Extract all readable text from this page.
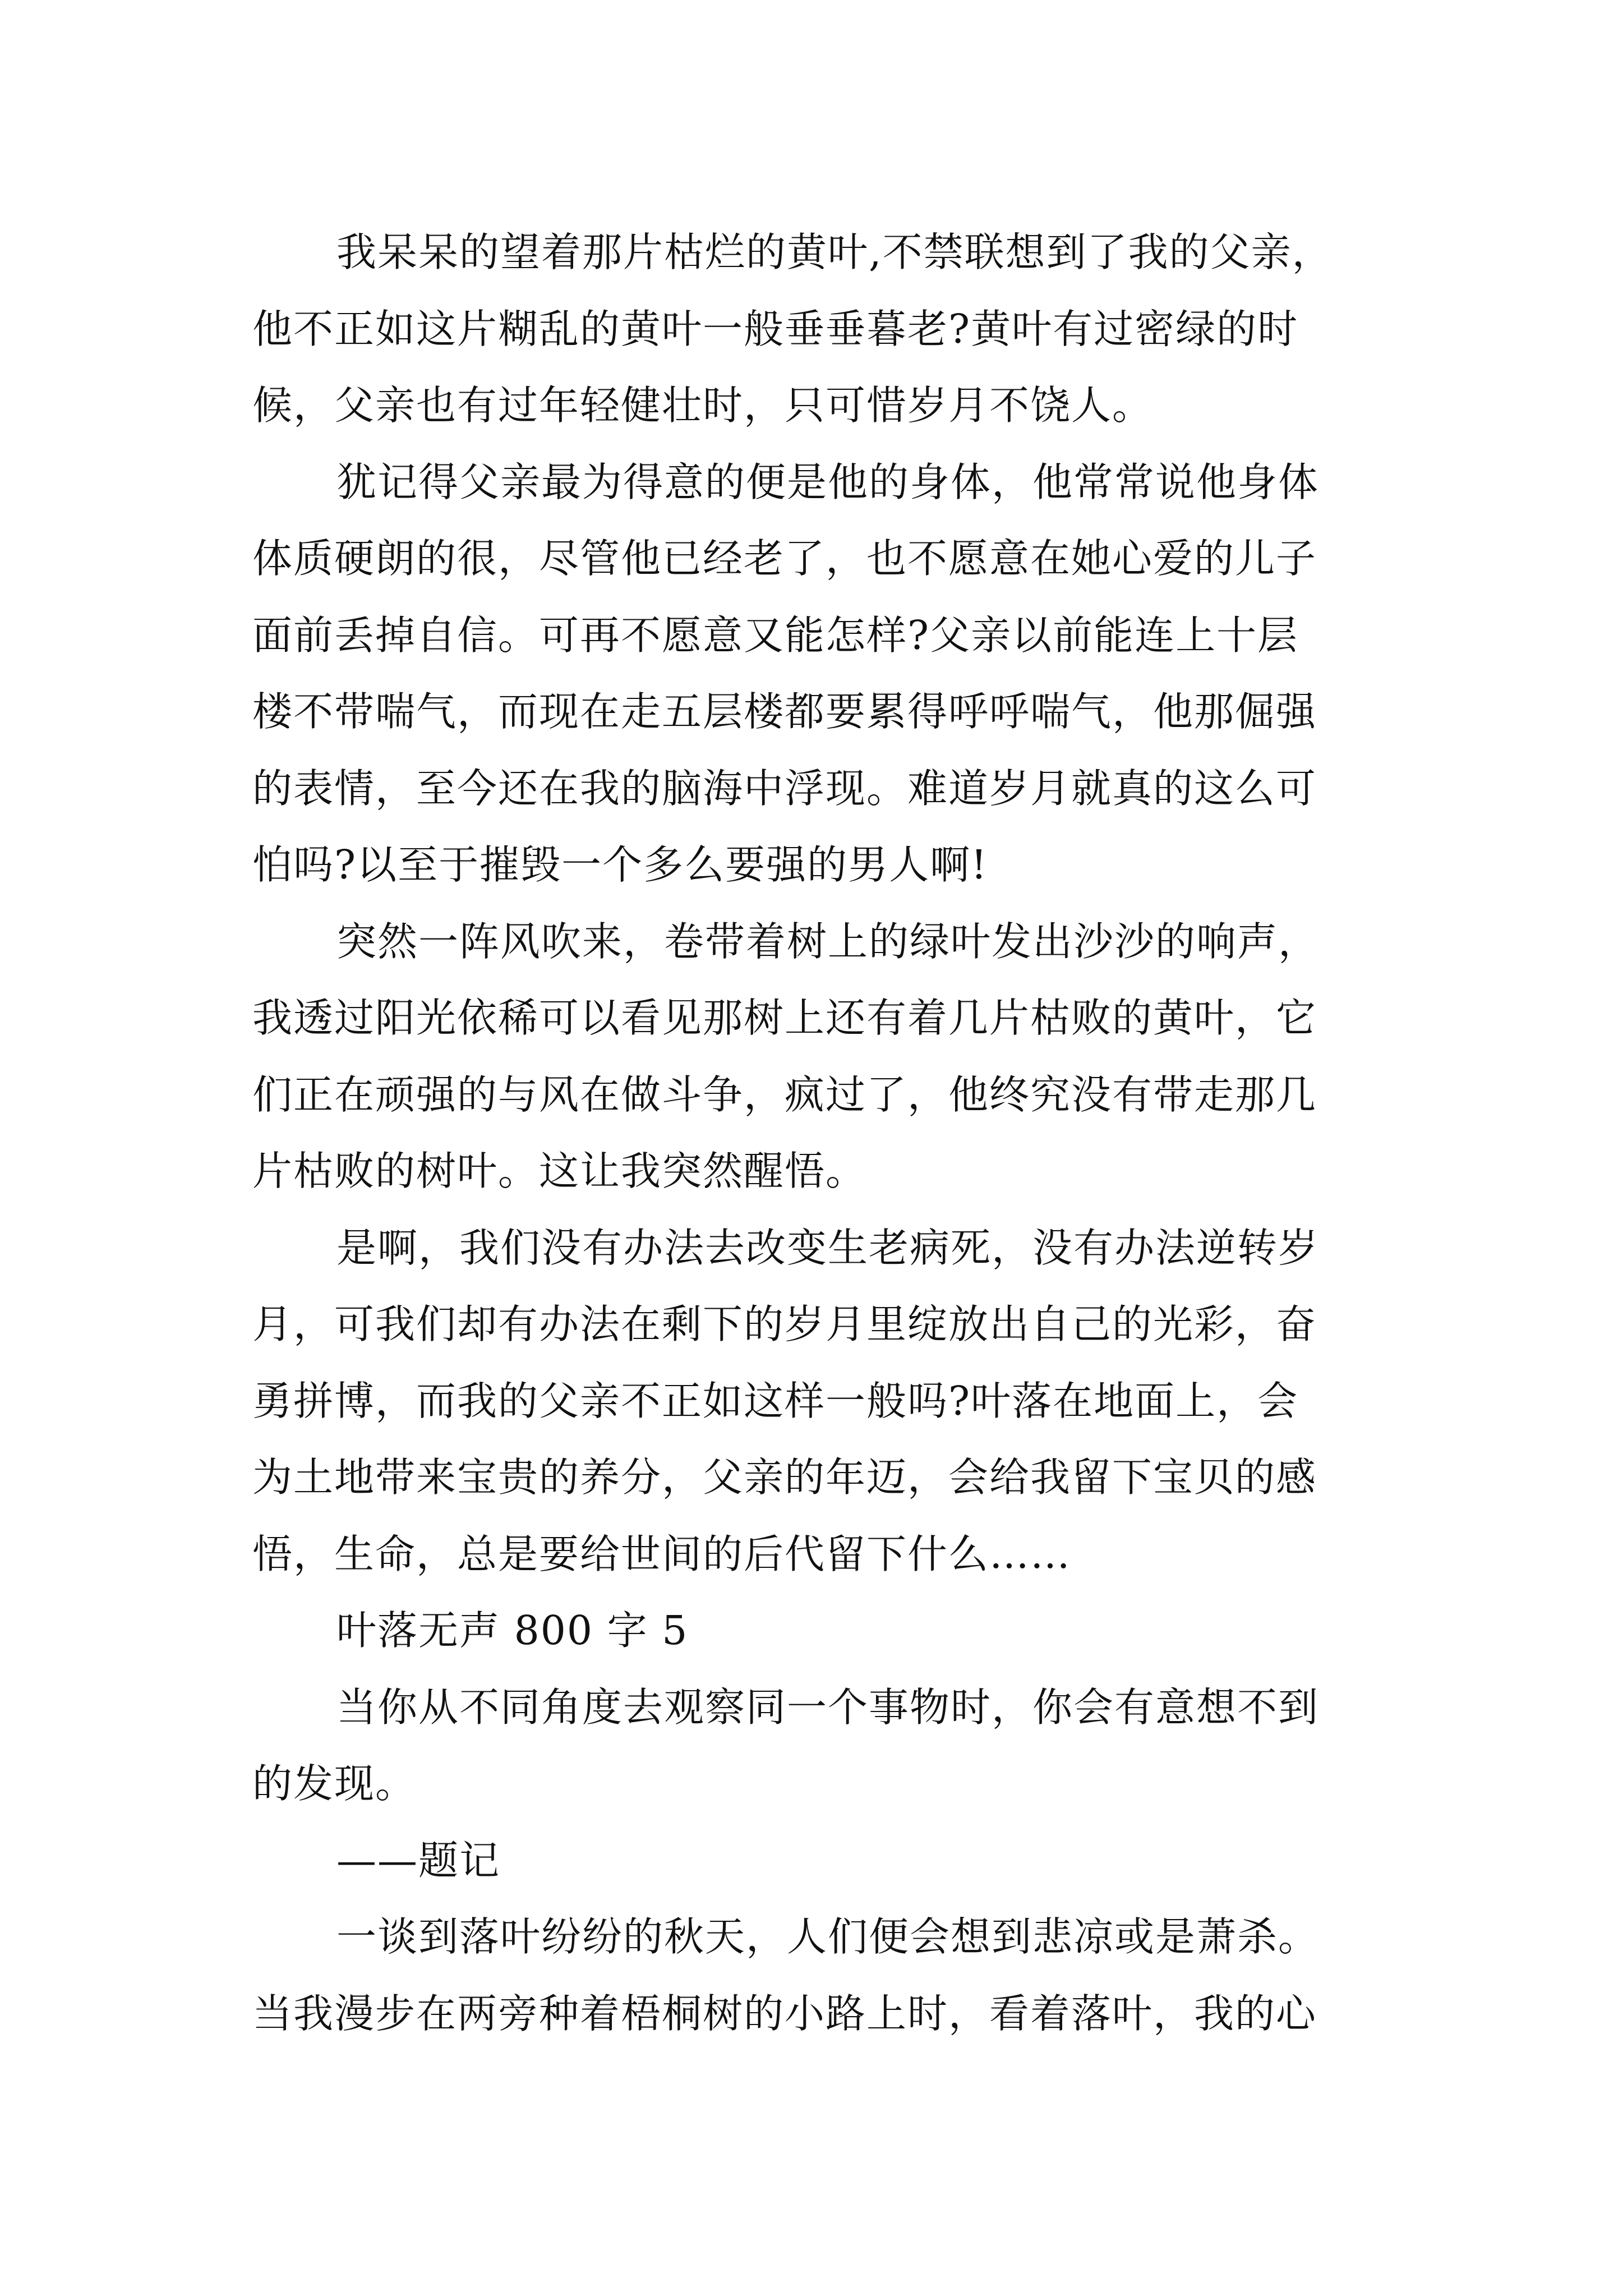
我呆呆的望着那片枯烂的黄叶,不禁联想到了我的父亲，
他不正如这片糊乱的黄叶一般垂垂暮老?黄叶有过密绿的时
候，父亲也有过年轻健壮时，只可惜岁月不饶人。
犹记得父亲最为得意的便是他的身体，他常常说他身体
体质硬朗的很，尽管他已经老了，也不愿意在她心爱的儿子
面前丢掉自信。可再不愿意又能怎样?父亲以前能连上十层
楼不带喘气，而现在走五层楼都要累得呼呼喘气，他那倔强
的表情，至今还在我的脑海中浮现。难道岁月就真的这么可
怕吗?以至于摧毁一个多么要强的男人啊!
突然一阵风吹来，卷带着树上的绿叶发出沙沙的响声，
我透过阳光依稀可以看见那树上还有着几片枯败的黄叶，它
们正在顽强的与风在做斗争，疯过了，他终究没有带走那几
片枯败的树叶。这让我突然醒悟。
是啊，我们没有办法去改变生老病死，没有办法逆转岁
月，可我们却有办法在剩下的岁月里绽放出自己的光彩，奋
勇拼博，而我的父亲不正如这样一般吗?叶落在地面上，会
为土地带来宝贵的养分，父亲的年迈，会给我留下宝贝的感
悟，生命，总是要给世间的后代留下什么……
叶落无声 800 字 5
当你从不同角度去观察同一个事物时，你会有意想不到
的发现。
——题记
一谈到落叶纷纷的秋天，人们便会想到悲凉或是萧杀。
当我漫步在两旁种着梧桐树的小路上时，看着落叶，我的心
